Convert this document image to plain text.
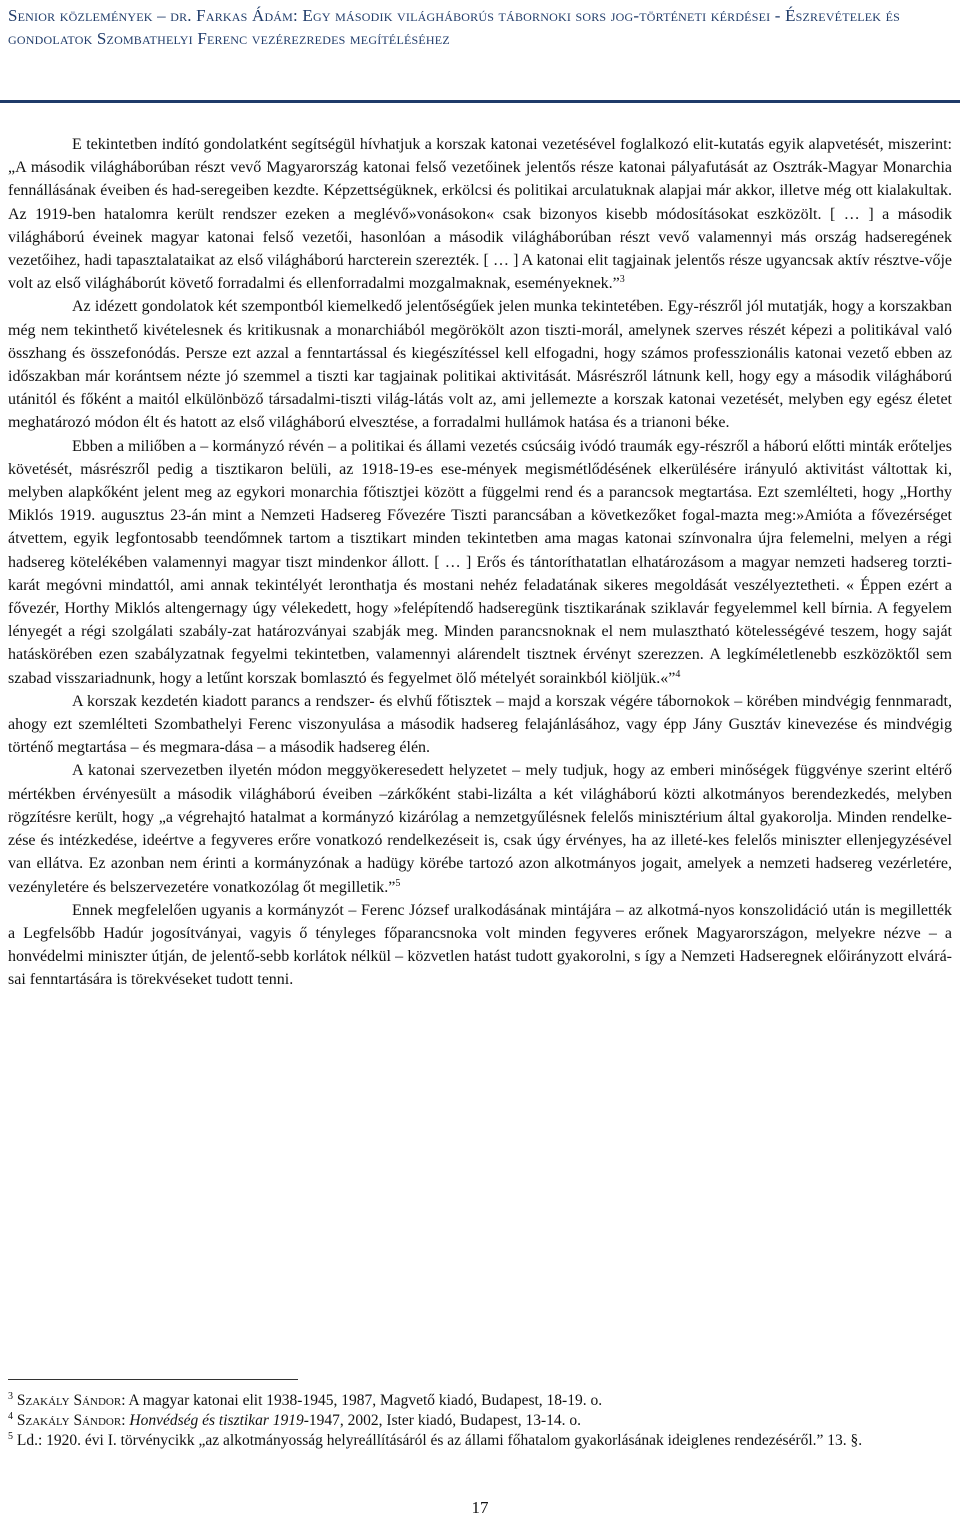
Senior közlemények – dr. Farkas Ádám: Egy második világháborús tábornoki sors jog-történeti kérdései - Észrevételek és gondolatok Szombathelyi Ferenc vezérezredes megítéléséhez

E tekintetben indító gondolatként segítségül hívhatjuk a korszak katonai vezetésével foglalkozó elit-kutatás egyik alapvetését, miszerint: „A második világháborúban részt vevő Magyarország katonai felső vezetőinek jelentős része katonai pályafutását az Osztrák-Magyar Monarchia fennállásának éveiben és had-seregeiben kezdte. Képzettségüknek, erkölcsi és politikai arculatuknak alapjai már akkor, illetve még ott kialakultak. Az 1919-ben hatalomra került rendszer ezeken a meglévő»vonásokon« csak bizonyos kisebb módosításokat eszközölt. [ … ] a második világháború éveinek magyar katonai felső vezetői, hasonlóan a második világháborúban részt vevő valamennyi más ország hadseregének vezetőihez, hadi tapasztalataikat az első világháború harcterein szerezték. [ … ] A katonai elit tagjainak jelentős része ugyancsak aktív résztve-vője volt az első világháborút követő forradalmi és ellenforradalmi mozgalmaknak, eseményeknek.”$^3$

Az idézett gondolatok két szempontból kiemelkedő jelentőségűek jelen munka tekintetében. Egy-részről jól mutatják, hogy a korszakban még nem tekinthető kivételesnek és kritikusnak a monarchiából megörökölt azon tiszti-morál, amelynek szerves részét képezi a politikával való összhang és összefonódás. Persze ezt azzal a fenntartással és kiegészítéssel kell elfogadni, hogy számos professzionális katonai vezető ebben az időszakban már korántsem nézte jó szemmel a tiszti kar tagjainak politikai aktivitását. Másrészről látnunk kell, hogy egy a második világháború utánitól és főként a maitól elkülönböző társadalmi-tiszti világ-látás volt az, ami jellemezte a korszak katonai vezetését, melyben egy egész életet meghatározó módon élt és hatott az első világháború elvesztése, a forradalmi hullámok hatása és a trianoni béke.

Ebben a miliőben a – kormányzó révén – a politikai és állami vezetés csúcsáig ivódó traumák egy-részről a háború előtti minták erőteljes követését, másrészről pedig a tisztikaron belüli, az 1918-19-es ese-mények megismétlődésének elkerülésére irányuló aktivitást váltottak ki, melyben alapkőként jelent meg az egykori monarchia főtisztjei között a függelmi rend és a parancsok megtartása. Ezt szemlélteti, hogy „Horthy Miklós 1919. augusztus 23-án mint a Nemzeti Hadsereg Fővezére Tiszti parancsában a következőket fogal-mazta meg:»Amióta a fővezérséget átvettem, egyik legfontosabb teendőmnek tartom a tisztikart minden tekintetben ama magas katonai színvonalra újra felemelni, melyen a régi hadsereg kötelékében valamennyi magyar tiszt mindenkor állott. [ … ] Erős és tántoríthatatlan elhatározásom a magyar nemzeti hadsereg torzti-karát megóvni mindattól, ami annak tekintélyét leronthatja és mostani nehéz feladatának sikeres megoldását veszélyeztetheti. « Éppen ezért a fővezér, Horthy Miklós altengernagy úgy vélekedett, hogy »felépítendő hadseregünk tisztikarának sziklavár fegyelemmel kell bírnia. A fegyelem lényegét a régi szolgálati szabály-zat határozványai szabják meg. Minden parancsnoknak el nem mulasztható kötelességévé teszem, hogy saját hatáskörében ezen szabályzatnak fegyelmi tekintetben, valamennyi alárendelt tisztnek érvényt szerezzen. A legkíméletlenebb eszközöktől sem szabad visszariadnunk, hogy a letűnt korszak bomlasztó és fegyelmet ölő mételyét sorainkból kiöljük.«”$^4$

A korszak kezdetén kiadott parancs a rendszer- és elvhű főtisztek – majd a korszak végére tábornokok – körében mindvégig fennmaradt, ahogy ezt szemlélteti Szombathelyi Ferenc viszonyulása a második hadsereg felajánlásához, vagy épp Jány Gusztáv kinevezése és mindvégig történő megtartása – és megmara-dása – a második hadsereg élén.

A katonai szervezetben ilyetén módon meggyökeresedett helyzetet – mely tudjuk, hogy az emberi minőségek függvénye szerint eltérő mértékben érvényesült a második világháború éveiben –zárkőként stabi-lizálta a két világháború közti alkotmányos berendezkedés, melyben rögzítésre került, hogy „a végrehajtó hatalmat a kormányzó kizárólag a nemzetgyűlésnek felelős minisztérium által gyakorolja. Minden rendelke-zése és intézkedése, ideértve a fegyveres erőre vonatkozó rendelkezéseit is, csak úgy érvényes, ha az illeté-kes felelős miniszter ellenjegyzésével van ellátva. Ez azonban nem érinti a kormányzónak a hadügy körébe tartozó azon alkotmányos jogait, amelyek a nemzeti hadsereg vezérletére, vezényletére és belszervezetére vonatkozólag őt megilletik.”$^5$

Ennek megfelelően ugyanis a kormányzót – Ferenc József uralkodásának mintájára – az alkotmá-nyos konszolidáció után is megillették a Legfelsőbb Hadúr jogosítványai, vagyis ő tényleges főparancsnoka volt minden fegyveres erőnek Magyarországon, melyekre nézve – a honvédelmi miniszter útján, de jelentő-sebb korlátok nélkül – közvetlen hatást tudott gyakorolni, s így a Nemzeti Hadseregnek előirányzott elvárá-sai fenntartására is törekvéseket tudott tenni.

$^3$ Szakály Sándor: A magyar katonai elit 1938-1945, 1987, Magvető kiadó, Budapest, 18-19. o.

$^4$ Szakály Sándor: Honvédség és tisztikar 1919-1947, 2002, Ister kiadó, Budapest, 13-14. o.

$^5$ Ld.: 1920. évi I. törvénycikk „az alkotmányosság helyreállításáról és az állami főhatalom gyakorlásának ideiglenes rendezéséről.” 13. §.

17
